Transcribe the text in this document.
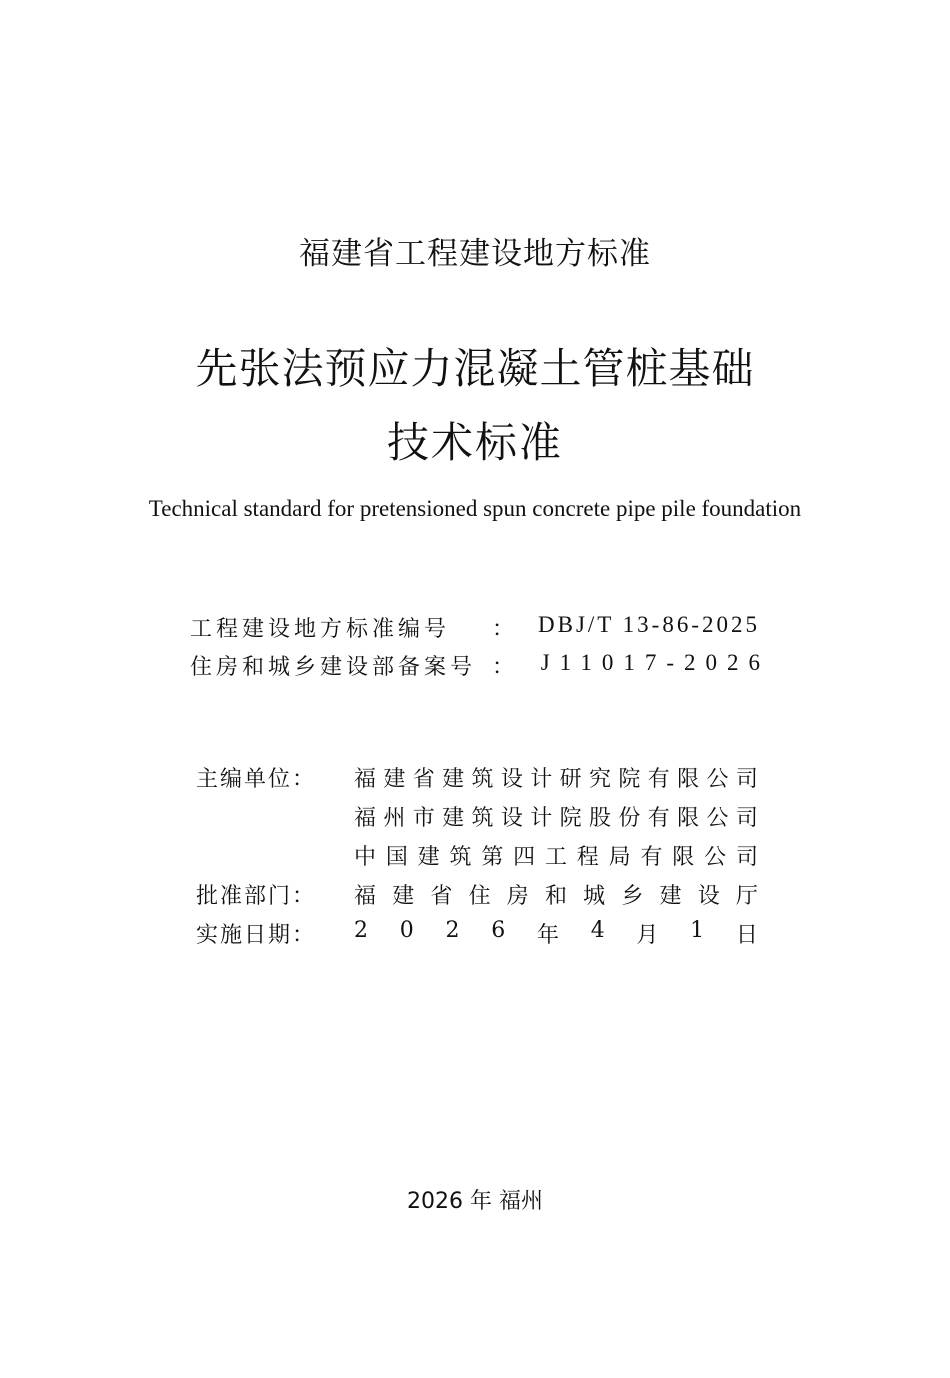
福建省工程建设地方标准
先张法预应力混凝土管桩基础
技术标准
Technical standard for pretensioned spun concrete pipe pile foundation
工程建设地方标准编号 ： DBJ/T 13-86-2025
住房和城乡建设部备案号 ： J11017-2026
主编单位： 福 建 省 建 筑 设 计 研 究 院 有 限 公 司
福 州 市 建 筑 设 计 院 股 份 有 限 公 司
中 国 建 筑 第 四 工 程 局 有 限 公 司
批准部门： 福 建 省 住 房 和 城 乡 建 设 厅
实施日期： 2 0 2 6 年 4 月 1 日
2026 年 福州
